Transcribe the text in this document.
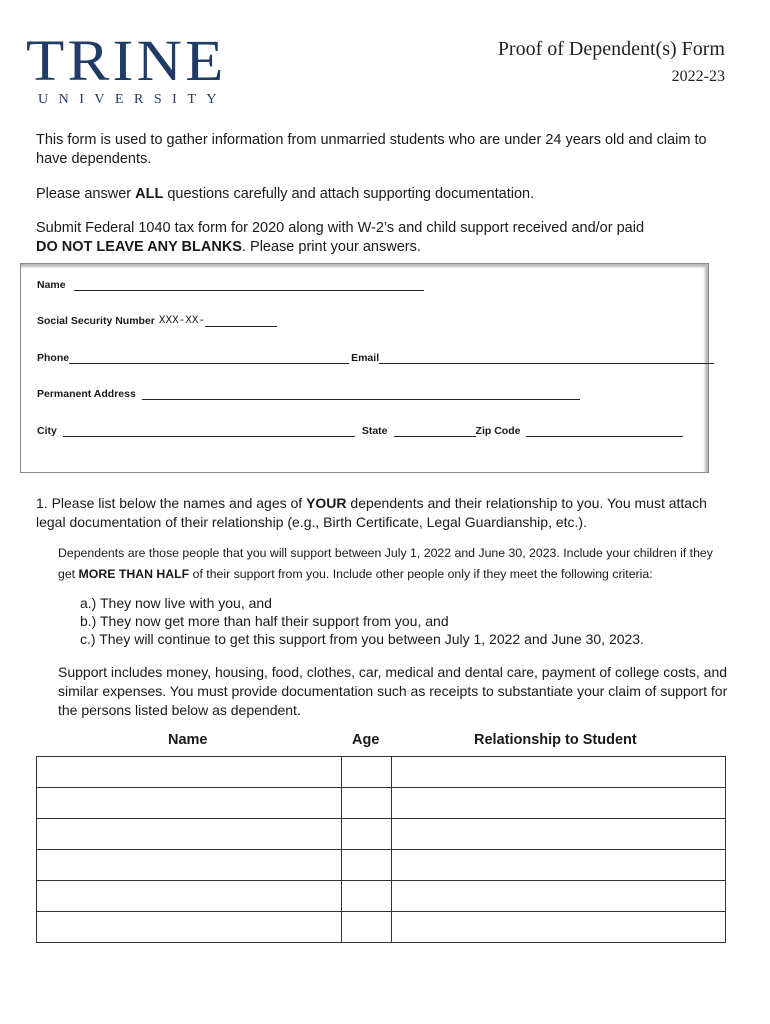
TRINE
UNIVERSITY
Proof of Dependent(s) Form
2022-23
This form is used to gather information from unmarried students who are under 24 years old and claim to have dependents.
Please answer ALL questions carefully and attach supporting documentation.
Submit Federal 1040 tax form for 2020 along with W-2’s and child support received and/or paid
DO NOT LEAVE ANY BLANKS. Please print your answers.
Name
Social Security Number XXX-XX-
Phone	Email
Permanent Address
City	State	Zip Code
1. Please list below the names and ages of YOUR dependents and their relationship to you. You must attach legal documentation of their relationship (e.g., Birth Certificate, Legal Guardianship, etc.).
Dependents are those people that you will support between July 1, 2022 and June 30, 2023. Include your children if they get MORE THAN HALF of their support from you. Include other people only if they meet the following criteria:
a.) They now live with you, and
b.) They now get more than half their support from you, and
c.) They will continue to get this support from you between July 1, 2022 and June 30, 2023.
Support includes money, housing, food, clothes, car, medical and dental care, payment of college costs, and similar expenses. You must provide documentation such as receipts to substantiate your claim of support for the persons listed below as dependent.
Name	Age	Relationship to Student
